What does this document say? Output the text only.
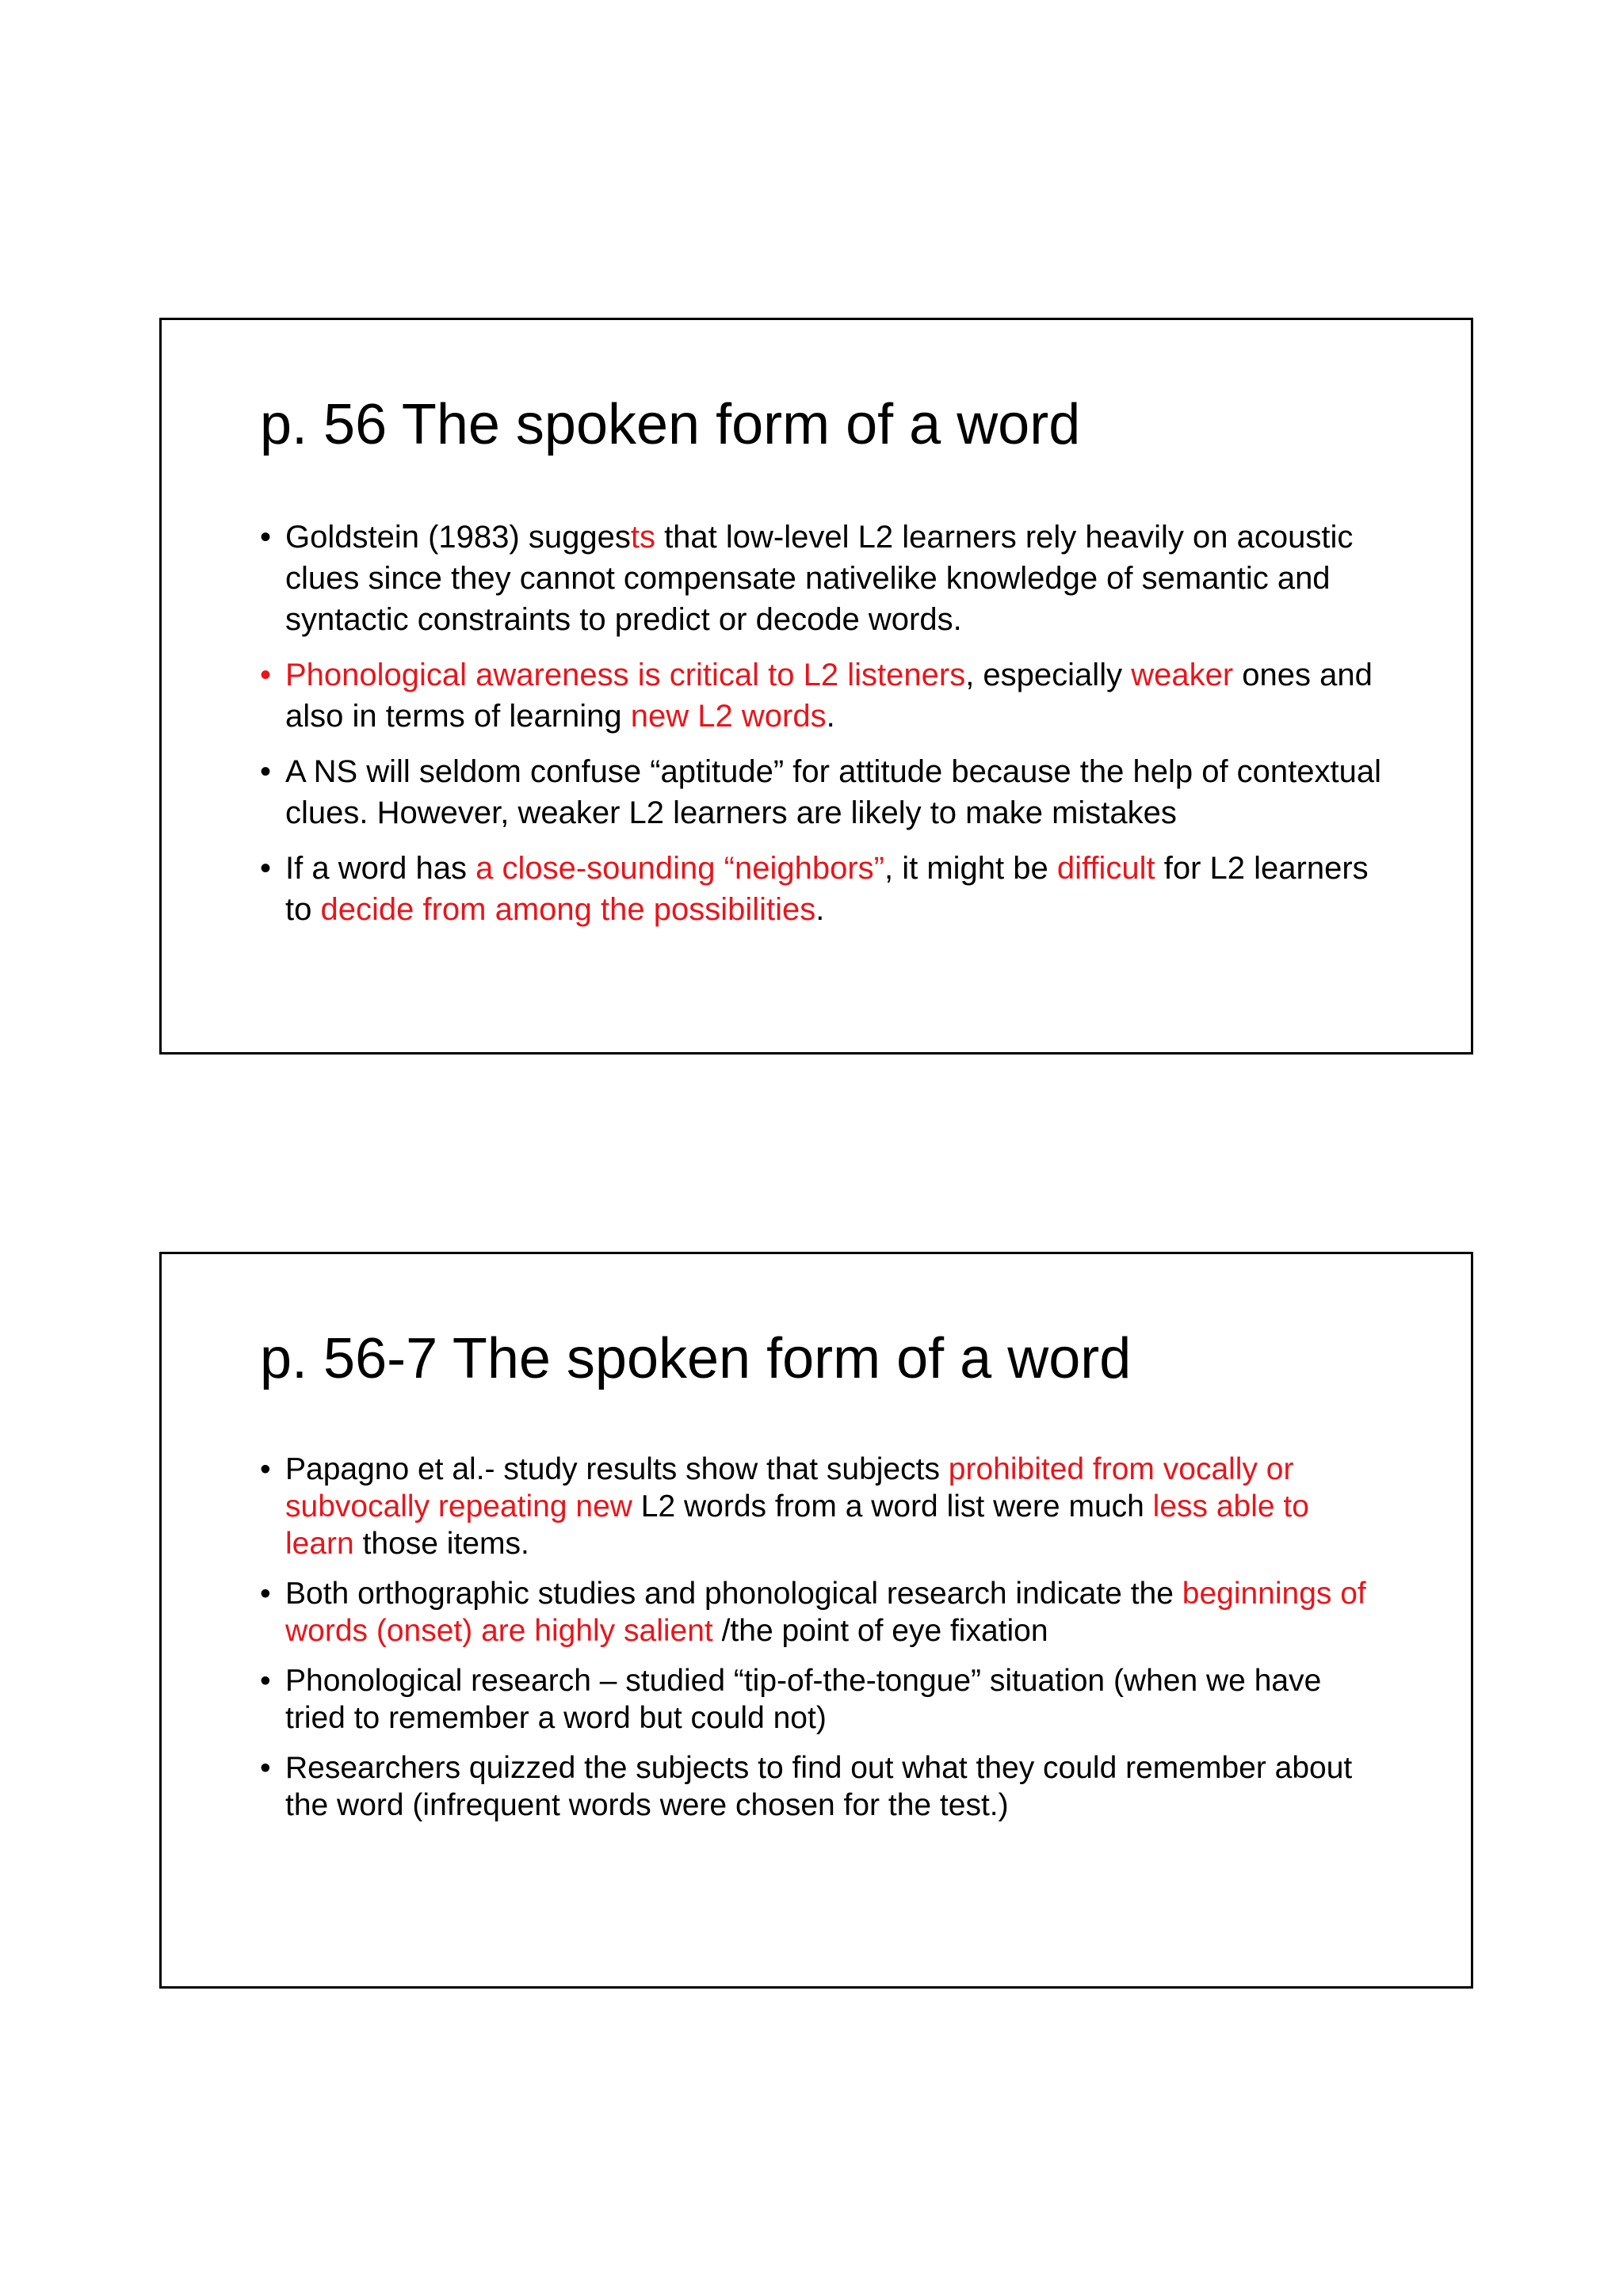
p. 56 The spoken form of a word
• Goldstein (1983) suggests that low-level L2 learners rely heavily on acoustic clues since they cannot compensate nativelike knowledge of semantic and syntactic constraints to predict or decode words.
• Phonological awareness is critical to L2 listeners, especially weaker ones and also in terms of learning new L2 words.
• A NS will seldom confuse “aptitude” for attitude because the help of contextual clues. However, weaker L2 learners are likely to make mistakes
• If a word has a close-sounding “neighbors”, it might be difficult for L2 learners to decide from among the possibilities.
p. 56-7 The spoken form of a word
• Papagno et al.- study results show that subjects prohibited from vocally or subvocally repeating new L2 words from a word list were much less able to learn those items.
• Both orthographic studies and phonological research indicate the beginnings of words (onset) are highly salient /the point of eye fixation
• Phonological research – studied “tip-of-the-tongue” situation (when we have tried to remember a word but could not)
• Researchers quizzed the subjects to find out what they could remember about the word (infrequent words were chosen for the test.)
